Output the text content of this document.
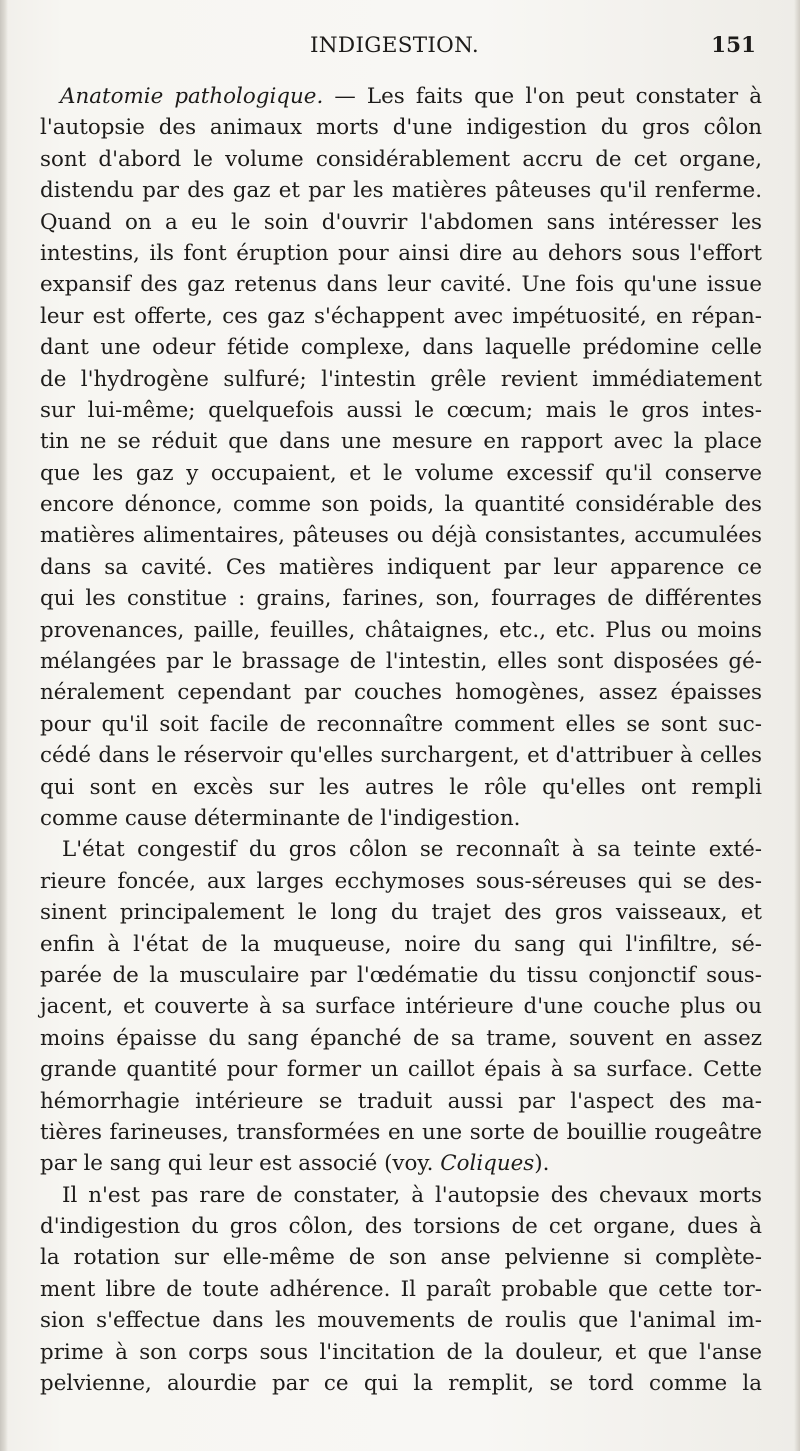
INDIGESTION.	151
Anatomie pathologique. — Les faits que l'on peut constater à
l'autopsie des animaux morts d'une indigestion du gros côlon
sont d'abord le volume considérablement accru de cet organe,
distendu par des gaz et par les matières pâteuses qu'il renferme.
Quand on a eu le soin d'ouvrir l'abdomen sans intéresser les
intestins, ils font éruption pour ainsi dire au dehors sous l'effort
expansif des gaz retenus dans leur cavité. Une fois qu'une issue
leur est offerte, ces gaz s'échappent avec impétuosité, en répan-
dant une odeur fétide complexe, dans laquelle prédomine celle
de l'hydrogène sulfuré; l'intestin grêle revient immédiatement
sur lui-même; quelquefois aussi le cœcum; mais le gros intes-
tin ne se réduit que dans une mesure en rapport avec la place
que les gaz y occupaient, et le volume excessif qu'il conserve
encore dénonce, comme son poids, la quantité considérable des
matières alimentaires, pâteuses ou déjà consistantes, accumulées
dans sa cavité. Ces matières indiquent par leur apparence ce
qui les constitue : grains, farines, son, fourrages de différentes
provenances, paille, feuilles, châtaignes, etc., etc. Plus ou moins
mélangées par le brassage de l'intestin, elles sont disposées gé-
néralement cependant par couches homogènes, assez épaisses
pour qu'il soit facile de reconnaître comment elles se sont suc-
cédé dans le réservoir qu'elles surchargent, et d'attribuer à celles
qui sont en excès sur les autres le rôle qu'elles ont rempli
comme cause déterminante de l'indigestion.
L'état congestif du gros côlon se reconnaît à sa teinte exté-
rieure foncée, aux larges ecchymoses sous-séreuses qui se des-
sinent principalement le long du trajet des gros vaisseaux, et
enfin à l'état de la muqueuse, noire du sang qui l'infiltre, sé-
parée de la musculaire par l'œdématie du tissu conjonctif sous-
jacent, et couverte à sa surface intérieure d'une couche plus ou
moins épaisse du sang épanché de sa trame, souvent en assez
grande quantité pour former un caillot épais à sa surface. Cette
hémorrhagie intérieure se traduit aussi par l'aspect des ma-
tières farineuses, transformées en une sorte de bouillie rougeâtre
par le sang qui leur est associé (voy. Coliques).
Il n'est pas rare de constater, à l'autopsie des chevaux morts
d'indigestion du gros côlon, des torsions de cet organe, dues à
la rotation sur elle-même de son anse pelvienne si complète-
ment libre de toute adhérence. Il paraît probable que cette tor-
sion s'effectue dans les mouvements de roulis que l'animal im-
prime à son corps sous l'incitation de la douleur, et que l'anse
pelvienne, alourdie par ce qui la remplit, se tord comme la
